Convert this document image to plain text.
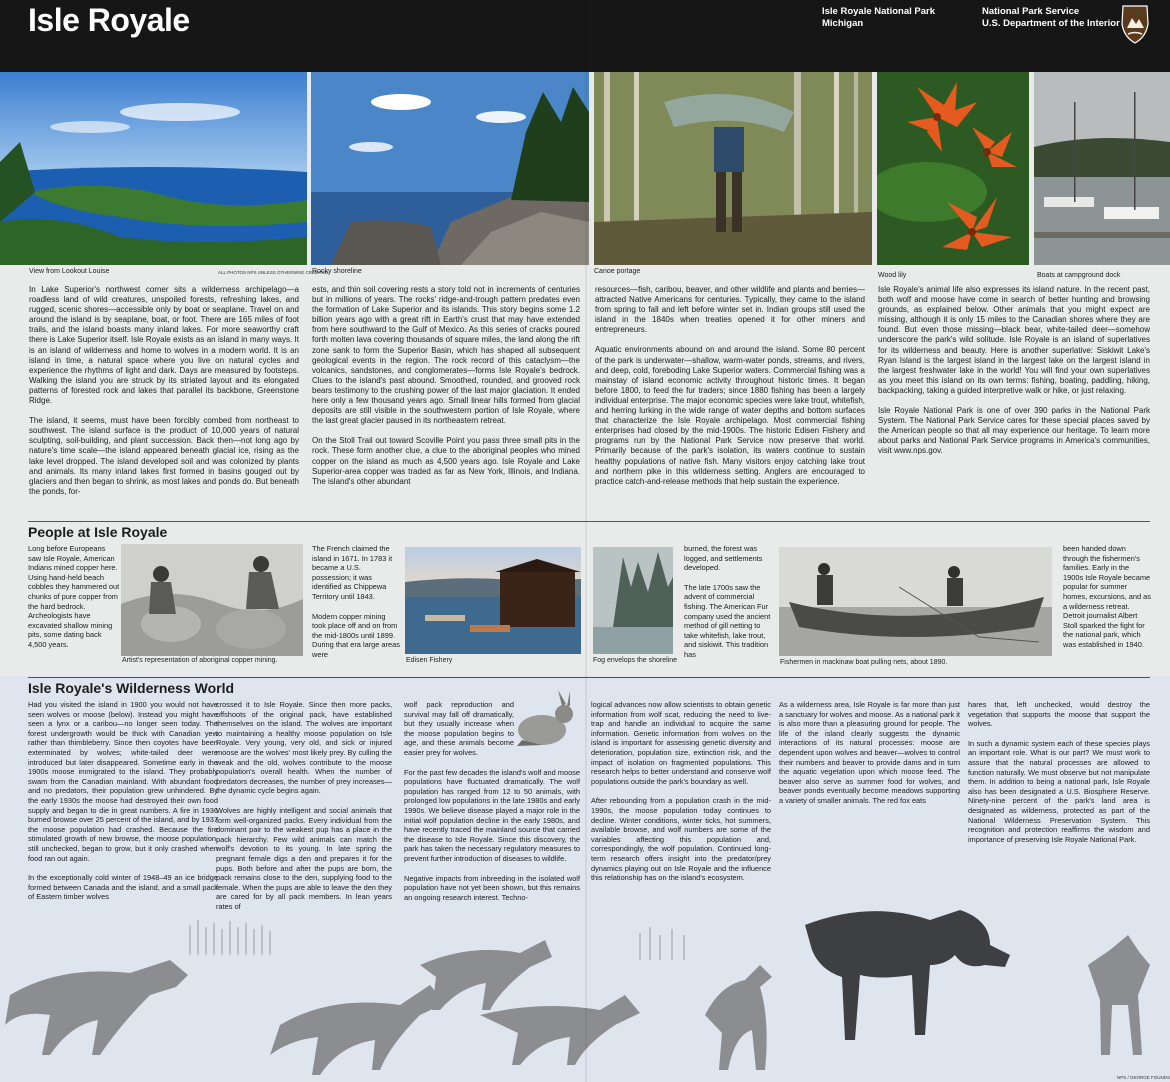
Isle Royale	Isle Royale National Park
Michigan
National Park Service
U.S. Department of the Interior
View from Lookout Louise	ALL PHOTOS NPS UNLESS OTHERWISE CREDITED
Rocky shoreline	Canoe portage
Wood lily	Boats at campground dock

In Lake Superior's northwest corner sits a wilderness archipelago—a roadless land of wild creatures, unspoiled forests, refreshing lakes, and rugged, scenic shores—accessible only by boat or seaplane. Travel on and around the island is by seaplane, boat, or foot. There are 165 miles of foot trails, and the island boasts many inland lakes. For more seaworthy craft there is Lake Superior itself. Isle Royale exists as an island in many ways. It is an island of wilderness and home to wolves in a modern world. It is an island in time, a natural space where you live on natural cycles and experience the rhythms of light and dark. Days are measured by footsteps. Walking the island you are struck by its striated layout and its elongated patterns of forested rock and lakes that parallel its backbone, Greenstone Ridge.

The island, it seems, must have been forcibly combed from northeast to southwest. The island surface is the product of 10,000 years of natural sculpting, soil-building, and plant succession. Back then—not long ago by nature's time scale—the island appeared beneath glacial ice, rising as the lake level dropped. The island developed soil and was colonized by plants and animals. Its many inland lakes first formed in basins gouged out by glaciers and then began to shrink, as most lakes and ponds do. But beneath the ponds, for-

ests, and thin soil covering rests a story told not in increments of centuries but in millions of years. The rocks' ridge-and-trough pattern predates even the formation of Lake Superior and its islands. This story begins some 1.2 billion years ago with a great rift in Earth's crust that may have extended from here southward to the Gulf of Mexico. As this series of cracks poured forth molten lava covering thousands of square miles, the land along the rift zone sank to form the Superior Basin, which has shaped all subsequent geological events in the region. The rock record of this cataclysm—the volcanics, sandstones, and conglomerates—forms Isle Royale's bedrock. Clues to the island's past abound. Smoothed, rounded, and grooved rock bears testimony to the crushing power of the last major glaciation. It ended here only a few thousand years ago. Small linear hills formed from glacial deposits are still visible in the southwestern portion of Isle Royale, where the last great glacier paused in its northeastern retreat.

On the Stoll Trail out toward Scoville Point you pass three small pits in the rock. These form another clue, a clue to the aboriginal peoples who mined copper on the island as much as 4,500 years ago. Isle Royale and Lake Superior-area copper was traded as far as New York, Illinois, and Indiana. The island's other abundant

resources—fish, caribou, beaver, and other wildlife and plants and berries—attracted Native Americans for centuries. Typically, they came to the island from spring to fall and left before winter set in. Indian groups still used the island in the 1840s when treaties opened it for other miners and entrepreneurs.

Aquatic environments abound on and around the island. Some 80 percent of the park is underwater—shallow, warm-water ponds, streams, and rivers, and deep, cold, foreboding Lake Superior waters. Commercial fishing was a mainstay of island economic activity throughout historic times. It began before 1800, to feed the fur traders; since 1880 fishing has been a largely individual enterprise. The major economic species were lake trout, whitefish, and herring lurking in the wide range of water depths and bottom surfaces that characterize the Isle Royale archipelago. Most commercial fishing enterprises had closed by the mid-1900s. The historic Edisen Fishery and programs run by the National Park Service now preserve that world. Primarily because of the park's isolation, its waters continue to sustain healthy populations of native fish. Many visitors enjoy catching lake trout and northern pike in this wilderness setting. Anglers are encouraged to practice catch-and-release methods that help sustain the experience.

Isle Royale's animal life also expresses its island nature. In the recent past, both wolf and moose have come in search of better hunting and browsing grounds, as explained below. Other animals that you might expect are missing, although it is only 15 miles to the Canadian shores where they are found. But even those missing—black bear, white-tailed deer—somehow underscore the park's wild solitude. Isle Royale is an island of superlatives for its wilderness and beauty. Here is another superlative: Siskiwit Lake's Ryan Island is the largest island in the largest lake on the largest island in the largest freshwater lake in the world! You will find your own superlatives as you meet this island on its own terms: fishing, boating, paddling, hiking, backpacking, taking a guided interpretive walk or hike, or just relaxing.

Isle Royale National Park is one of over 390 parks in the National Park System. The National Park Service cares for these special places saved by the American people so that all may experience our heritage. To learn more about parks and National Park Service programs in America's communities, visit www.nps.gov.

People at Isle Royale
Long before Europeans saw Isle Royale, American Indians mined copper here. Using hand-held beach cobbles they hammered out chunks of pure copper from the hard bedrock. Archeologists have excavated shallow mining pits, some dating back 4,500 years.
Artist's representation of aboriginal copper mining.

The French claimed the island in 1671. In 1783 it became a U.S. possession; it was identified as Chippewa Territory until 1843.

Modern copper mining took place off and on from the mid-1800s until 1899. During that era large areas were

Edisen Fishery	Fog envelops the shoreline

burned, the forest was logged, and settlements developed.

The late 1700s saw the advent of commercial fishing. The American Fur company used the ancient method of gill netting to take whitefish, lake trout, and siskiwit. This tradition has

Fishermen in mackinaw boat pulling nets, about 1890.
been handed down through the fishermen's families. Early in the 1900s Isle Royale became popular for summer homes, excursions, and as a wilderness retreat. Detroit journalist Albert Stoll sparked the fight for the national park, which was established in 1940.
Isle Royale's Wilderness World

Had you visited the island in 1900 you would not have seen wolves or moose (below). Instead you might have seen a lynx or a caribou—no longer seen today. The forest undergrowth would be thick with Canadian yew rather than thimbleberry. Since then coyotes have been exterminated by wolves; white-tailed deer were introduced but later disappeared. Sometime early in the 1900s moose immigrated to the island. They probably swam from the Canadian mainland. With abundant food and no predators, their population grew unhindered. By the early 1930s the moose had destroyed their own food supply and began to die in great numbers. A fire in 1936 burned browse over 25 percent of the island, and by 1937 the moose population had crashed. Because the fire stimulated growth of new browse, the moose population, still unchecked, began to grow, but it only crashed when food ran out again.

In the exceptionally cold winter of 1948–49 an ice bridge formed between Canada and the island, and a small pack of Eastern timber wolves

crossed it to Isle Royale. Since then more packs, offshoots of the original pack, have established themselves on the island. The wolves are important to maintaining a healthy moose population on Isle Royale. Very young, very old, and sick or injured moose are the wolves' most likely prey. By culling the weak and the old, wolves contribute to the moose population's overall health. When the number of predators decreases, the number of prey increases—the dynamic cycle begins again.

Wolves are highly intelligent and social animals that form well-organized packs. Every individual from the dominant pair to the weakest pup has a place in the pack hierarchy. Few wild animals can match the wolf's devotion to its young. In late spring the pregnant female digs a den and prepares it for the pups. Both before and after the pups are born, the pack remains close to the den, supplying food to the female. When the pups are able to leave the den they are cared for by all pack members. In lean years rates of

wolf pack reproduction and survival may fall off dramatically, but they usually increase when the moose population begins to age, and these animals become easier prey for wolves.

For the past few decades the island's wolf and moose populations have fluctuated dramatically. The wolf population has ranged from 12 to 50 animals, with prolonged low populations in the late 1980s and early 1990s. We believe disease played a major role in the initial wolf population decline in the early 1980s, and have recently traced the mainland source that carried the disease to Isle Royale. Since this discovery, the park has taken the necessary regulatory measures to prevent further introduction of diseases to wildlife.

Negative impacts from inbreeding in the isolated wolf population have not yet been shown, but this remains an ongoing research interest. Techno-

logical advances now allow scientists to obtain genetic information from wolf scat, reducing the need to live-trap and handle an individual to acquire the same information. Genetic information from wolves on the island is important for assessing genetic diversity and deterioration, population size, extinction risk, and the impact of isolation on fragmented populations. This research helps to better understand and conserve wolf populations outside the park's boundary as well.

After rebounding from a population crash in the mid-1990s, the moose population today continues to decline. Winter conditions, winter ticks, hot summers, available browse, and wolf numbers are some of the variables affecting this population and, correspondingly, the wolf population. Continued long-term research offers insight into the predator/prey dynamics playing out on Isle Royale and the influence this relationship has on the island's ecosystem.

As a wilderness area, Isle Royale is far more than just a sanctuary for wolves and moose. As a national park it is also more than a pleasuring ground for people. The life of the island clearly suggests the dynamic interactions of its natural processes: moose are dependent upon wolves and beaver—wolves to control their numbers and beaver to provide dams and in turn the aquatic vegetation upon which moose feed. The beaver also serve as summer food for wolves, and beaver ponds eventually become meadows supporting a variety of smaller animals. The red fox eats

hares that, left unchecked, would destroy the vegetation that supports the moose that support the wolves.

In such a dynamic system each of these species plays an important role. What is our part? We must work to assure that the natural processes are allowed to function naturally. We must observe but not manipulate them. In addition to being a national park, Isle Royale also has been designated a U.S. Biosphere Reserve. Ninety-nine percent of the park's land area is designated as wilderness, protected as part of the National Wilderness Preservation System. This recognition and protection reaffirms the wisdom and importance of preserving Isle Royale National Park.

NPS / GEORGE FOUNDS
